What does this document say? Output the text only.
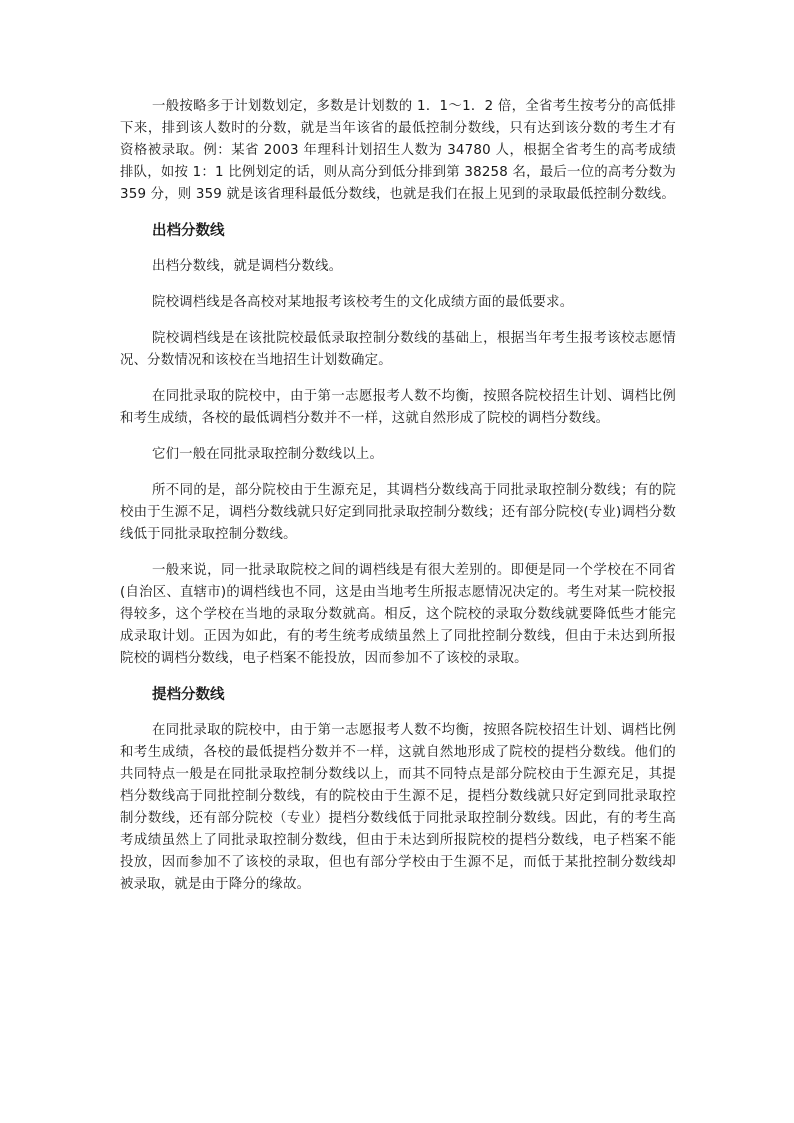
一般按略多于计划数划定，多数是计划数的 1．1～1．2 倍，全省考生按考分的高低排下来，排到该人数时的分数，就是当年该省的最低控制分数线，只有达到该分数的考生才有资格被录取。例：某省 2003 年理科计划招生人数为 34780 人，根据全省考生的高考成绩排队，如按 1：1 比例划定的话，则从高分到低分排到第 38258 名，最后一位的高考分数为 359 分，则 359 就是该省理科最低分数线，也就是我们在报上见到的录取最低控制分数线。

出档分数线

出档分数线，就是调档分数线。

院校调档线是各高校对某地报考该校考生的文化成绩方面的最低要求。

院校调档线是在该批院校最低录取控制分数线的基础上，根据当年考生报考该校志愿情况、分数情况和该校在当地招生计划数确定。

在同批录取的院校中，由于第一志愿报考人数不均衡，按照各院校招生计划、调档比例和考生成绩，各校的最低调档分数并不一样，这就自然形成了院校的调档分数线。

它们一般在同批录取控制分数线以上。

所不同的是，部分院校由于生源充足，其调档分数线高于同批录取控制分数线；有的院校由于生源不足，调档分数线就只好定到同批录取控制分数线；还有部分院校(专业)调档分数线低于同批录取控制分数线。

一般来说，同一批录取院校之间的调档线是有很大差别的。即便是同一个学校在不同省(自治区、直辖市)的调档线也不同，这是由当地考生所报志愿情况决定的。考生对某一院校报得较多，这个学校在当地的录取分数就高。相反，这个院校的录取分数线就要降低些才能完成录取计划。正因为如此，有的考生统考成绩虽然上了同批控制分数线，但由于未达到所报院校的调档分数线，电子档案不能投放，因而参加不了该校的录取。

提档分数线

在同批录取的院校中，由于第一志愿报考人数不均衡，按照各院校招生计划、调档比例和考生成绩，各校的最低提档分数并不一样，这就自然地形成了院校的提档分数线。他们的共同特点一般是在同批录取控制分数线以上，而其不同特点是部分院校由于生源充足，其提档分数线高于同批控制分数线，有的院校由于生源不足，提档分数线就只好定到同批录取控制分数线，还有部分院校（专业）提档分数线低于同批录取控制分数线。因此，有的考生高考成绩虽然上了同批录取控制分数线，但由于未达到所报院校的提档分数线，电子档案不能投放，因而参加不了该校的录取，但也有部分学校由于生源不足，而低于某批控制分数线却被录取，就是由于降分的缘故。
